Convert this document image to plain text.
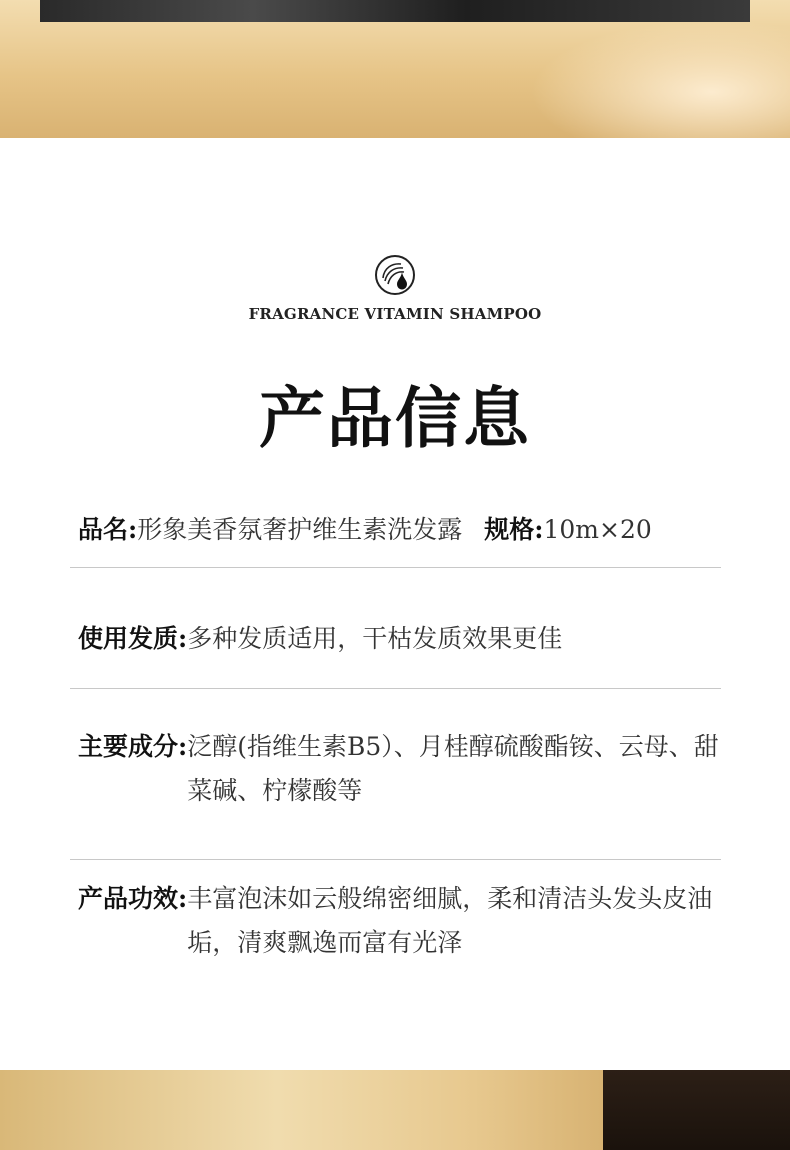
FRAGRANCE VITAMIN SHAMPOO
产品信息
品名:形象美香氛奢护维生素洗发露 规格:10m×20
使用发质:多种发质适用，干枯发质效果更佳
主要成分: 泛醇(指维生素B5）、月桂醇硫酸酯铵、云母、甜菜碱、柠檬酸等
产品功效: 丰富泡沫如云般绵密细腻，柔和清洁头发头皮油垢，清爽飘逸而富有光泽
